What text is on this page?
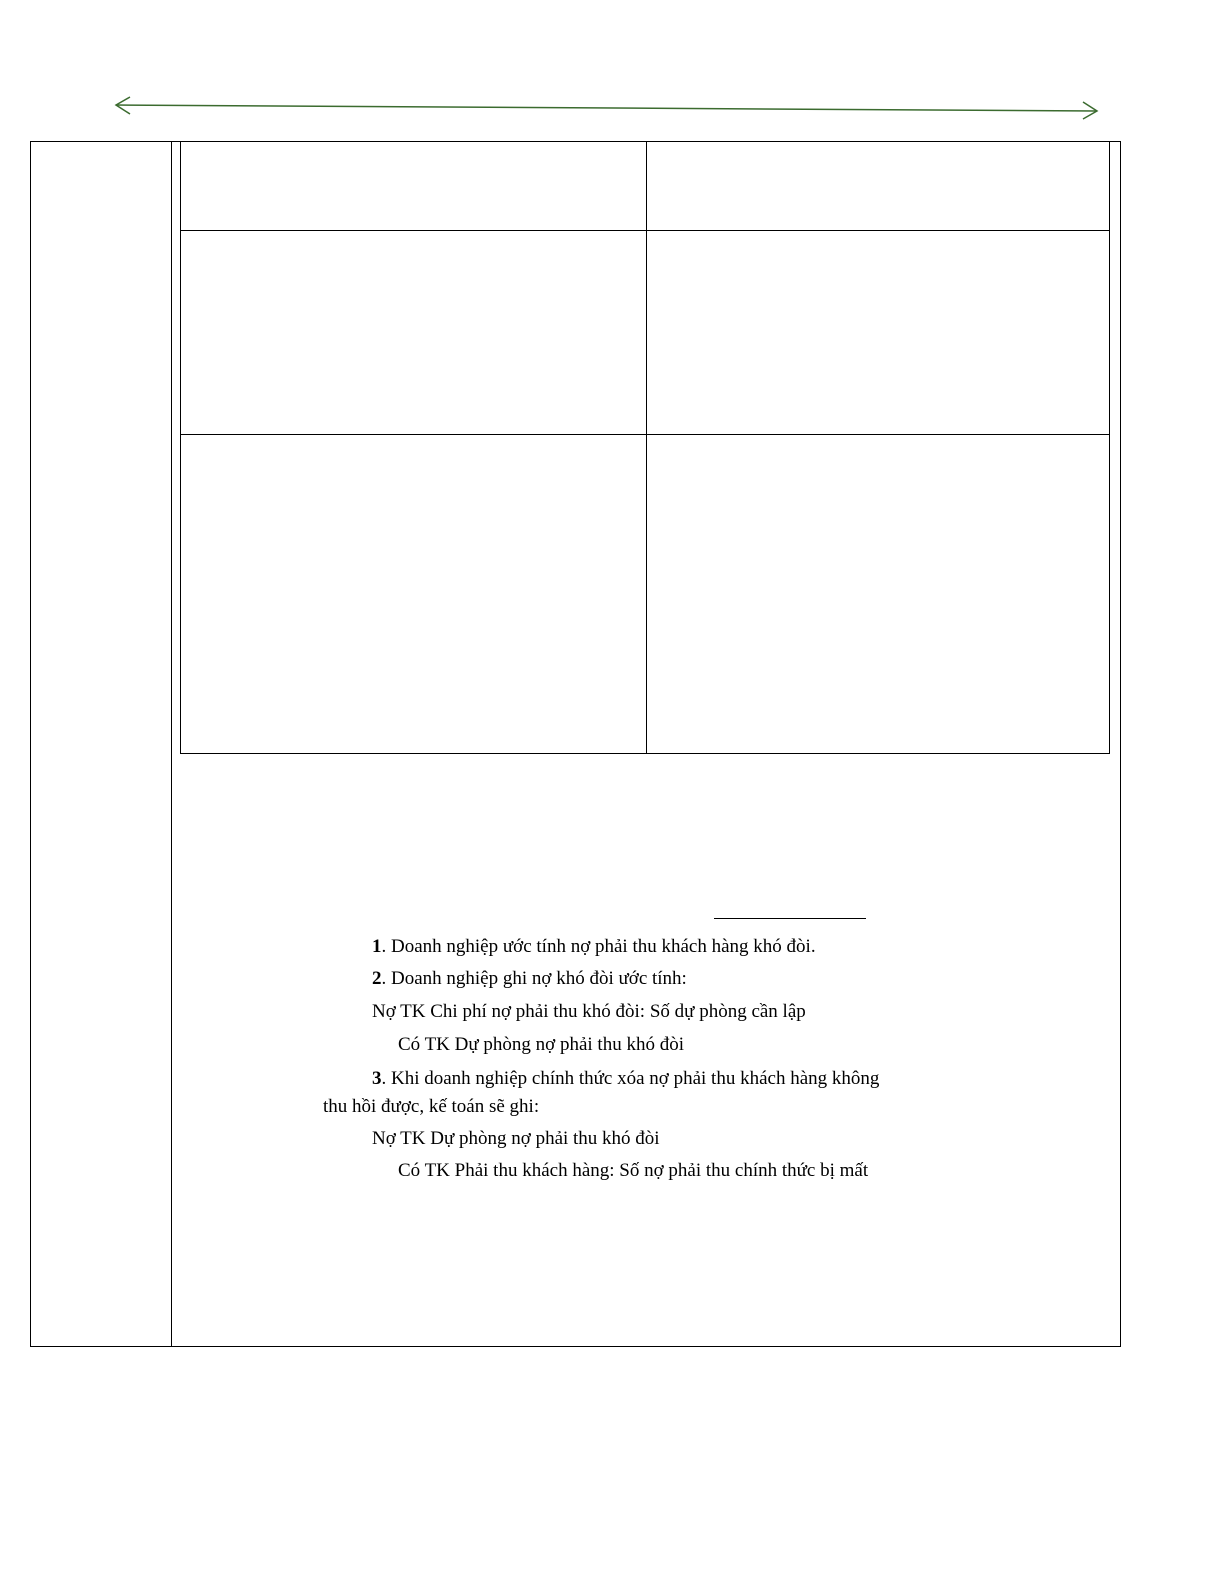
1. Doanh nghiệp ước tính nợ phải thu khách hàng khó đòi.
2. Doanh nghiệp ghi nợ khó đòi ước tính:
Nợ TK Chi phí nợ phải thu khó đòi: Số dự phòng cần lập
Có TK Dự phòng nợ phải thu khó đòi
3. Khi doanh nghiệp chính thức xóa nợ phải thu khách hàng không
thu hồi được, kế toán sẽ ghi:
Nợ TK Dự phòng nợ phải thu khó đòi
Có TK Phải thu khách hàng: Số nợ phải thu chính thức bị mất
